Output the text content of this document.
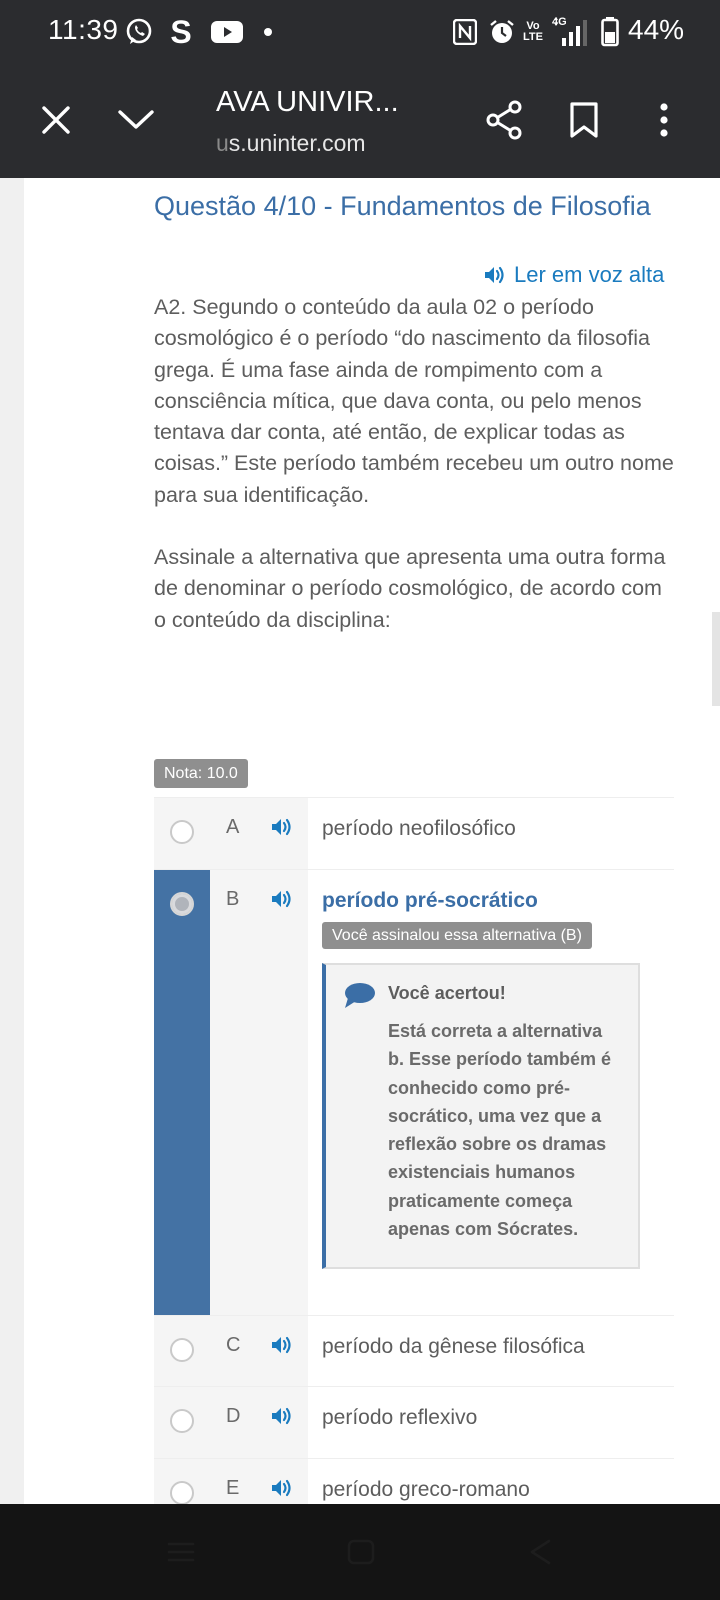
11:39 S	Vo
LTE
4G 44%
AVA UNIVIR...
us.uninter.com
Questão 4/10 - Fundamentos de Filosofia
Ler em voz alta

A2. Segundo o conteúdo da aula 02 o período cosmológico é o período “do nascimento da filosofia grega. É uma fase ainda de rompimento com a consciência mítica, que dava conta, ou pelo menos tentava dar conta, até então, de explicar todas as coisas.” Este período também recebeu um outro nome para sua identificação.

Assinale a alternativa que apresenta uma outra forma de denominar o período cosmológico, de acordo com o conteúdo da disciplina:

Nota: 10.0
A	período neofilosófico
B	período pré-socrático
Você assinalou essa alternativa (B)
Você acertou!
Está correta a alternativa b. Esse período também é conhecido como pré-socrático, uma vez que a reflexão sobre os dramas existenciais humanos praticamente começa apenas com Sócrates.
C	período da gênese filosófica
D	período reflexivo
E	período greco-romano
